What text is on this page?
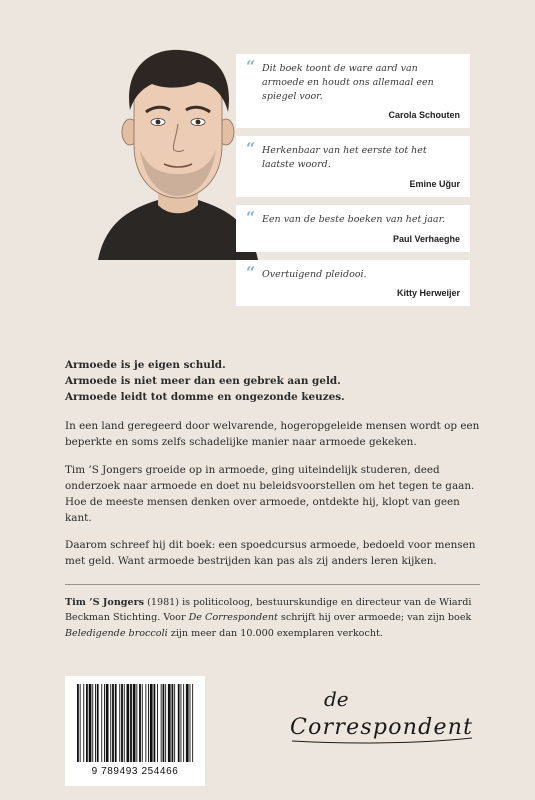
“ Dit boek toont de ware aard van armoede en houdt ons allemaal een spiegel voor.
Carola Schouten
“ Herkenbaar van het eerste tot het laatste woord.
Emine Uğur
“ Een van de beste boeken van het jaar.
Paul Verhaeghe
“ Overtuigend pleidooi.
Kitty Herweijer

Armoede is je eigen schuld.
Armoede is niet meer dan een gebrek aan geld.
Armoede leidt tot domme en ongezonde keuzes.

In een land geregeerd door welvarende, hogeropgeleide mensen wordt op een beperkte en soms zelfs schadelijke manier naar armoede gekeken.

Tim ’S Jongers groeide op in armoede, ging uiteindelijk studeren, deed onderzoek naar armoede en doet nu beleidsvoorstellen om het tegen te gaan. Hoe de meeste mensen denken over armoede, ontdekte hij, klopt van geen kant.

Daarom schreef hij dit boek: een spoedcursus armoede, bedoeld voor mensen met geld. Want armoede bestrijden kan pas als zij anders leren kijken.

Tim ’S Jongers (1981) is politicoloog, bestuurskundige en directeur van de Wiardi Beckman Stichting. Voor De Correspondent schrijft hij over armoede; van zijn boek Beledigende broccoli zijn meer dan 10.000 exemplaren verkocht.

9 789493 254466
de
Correspondent
